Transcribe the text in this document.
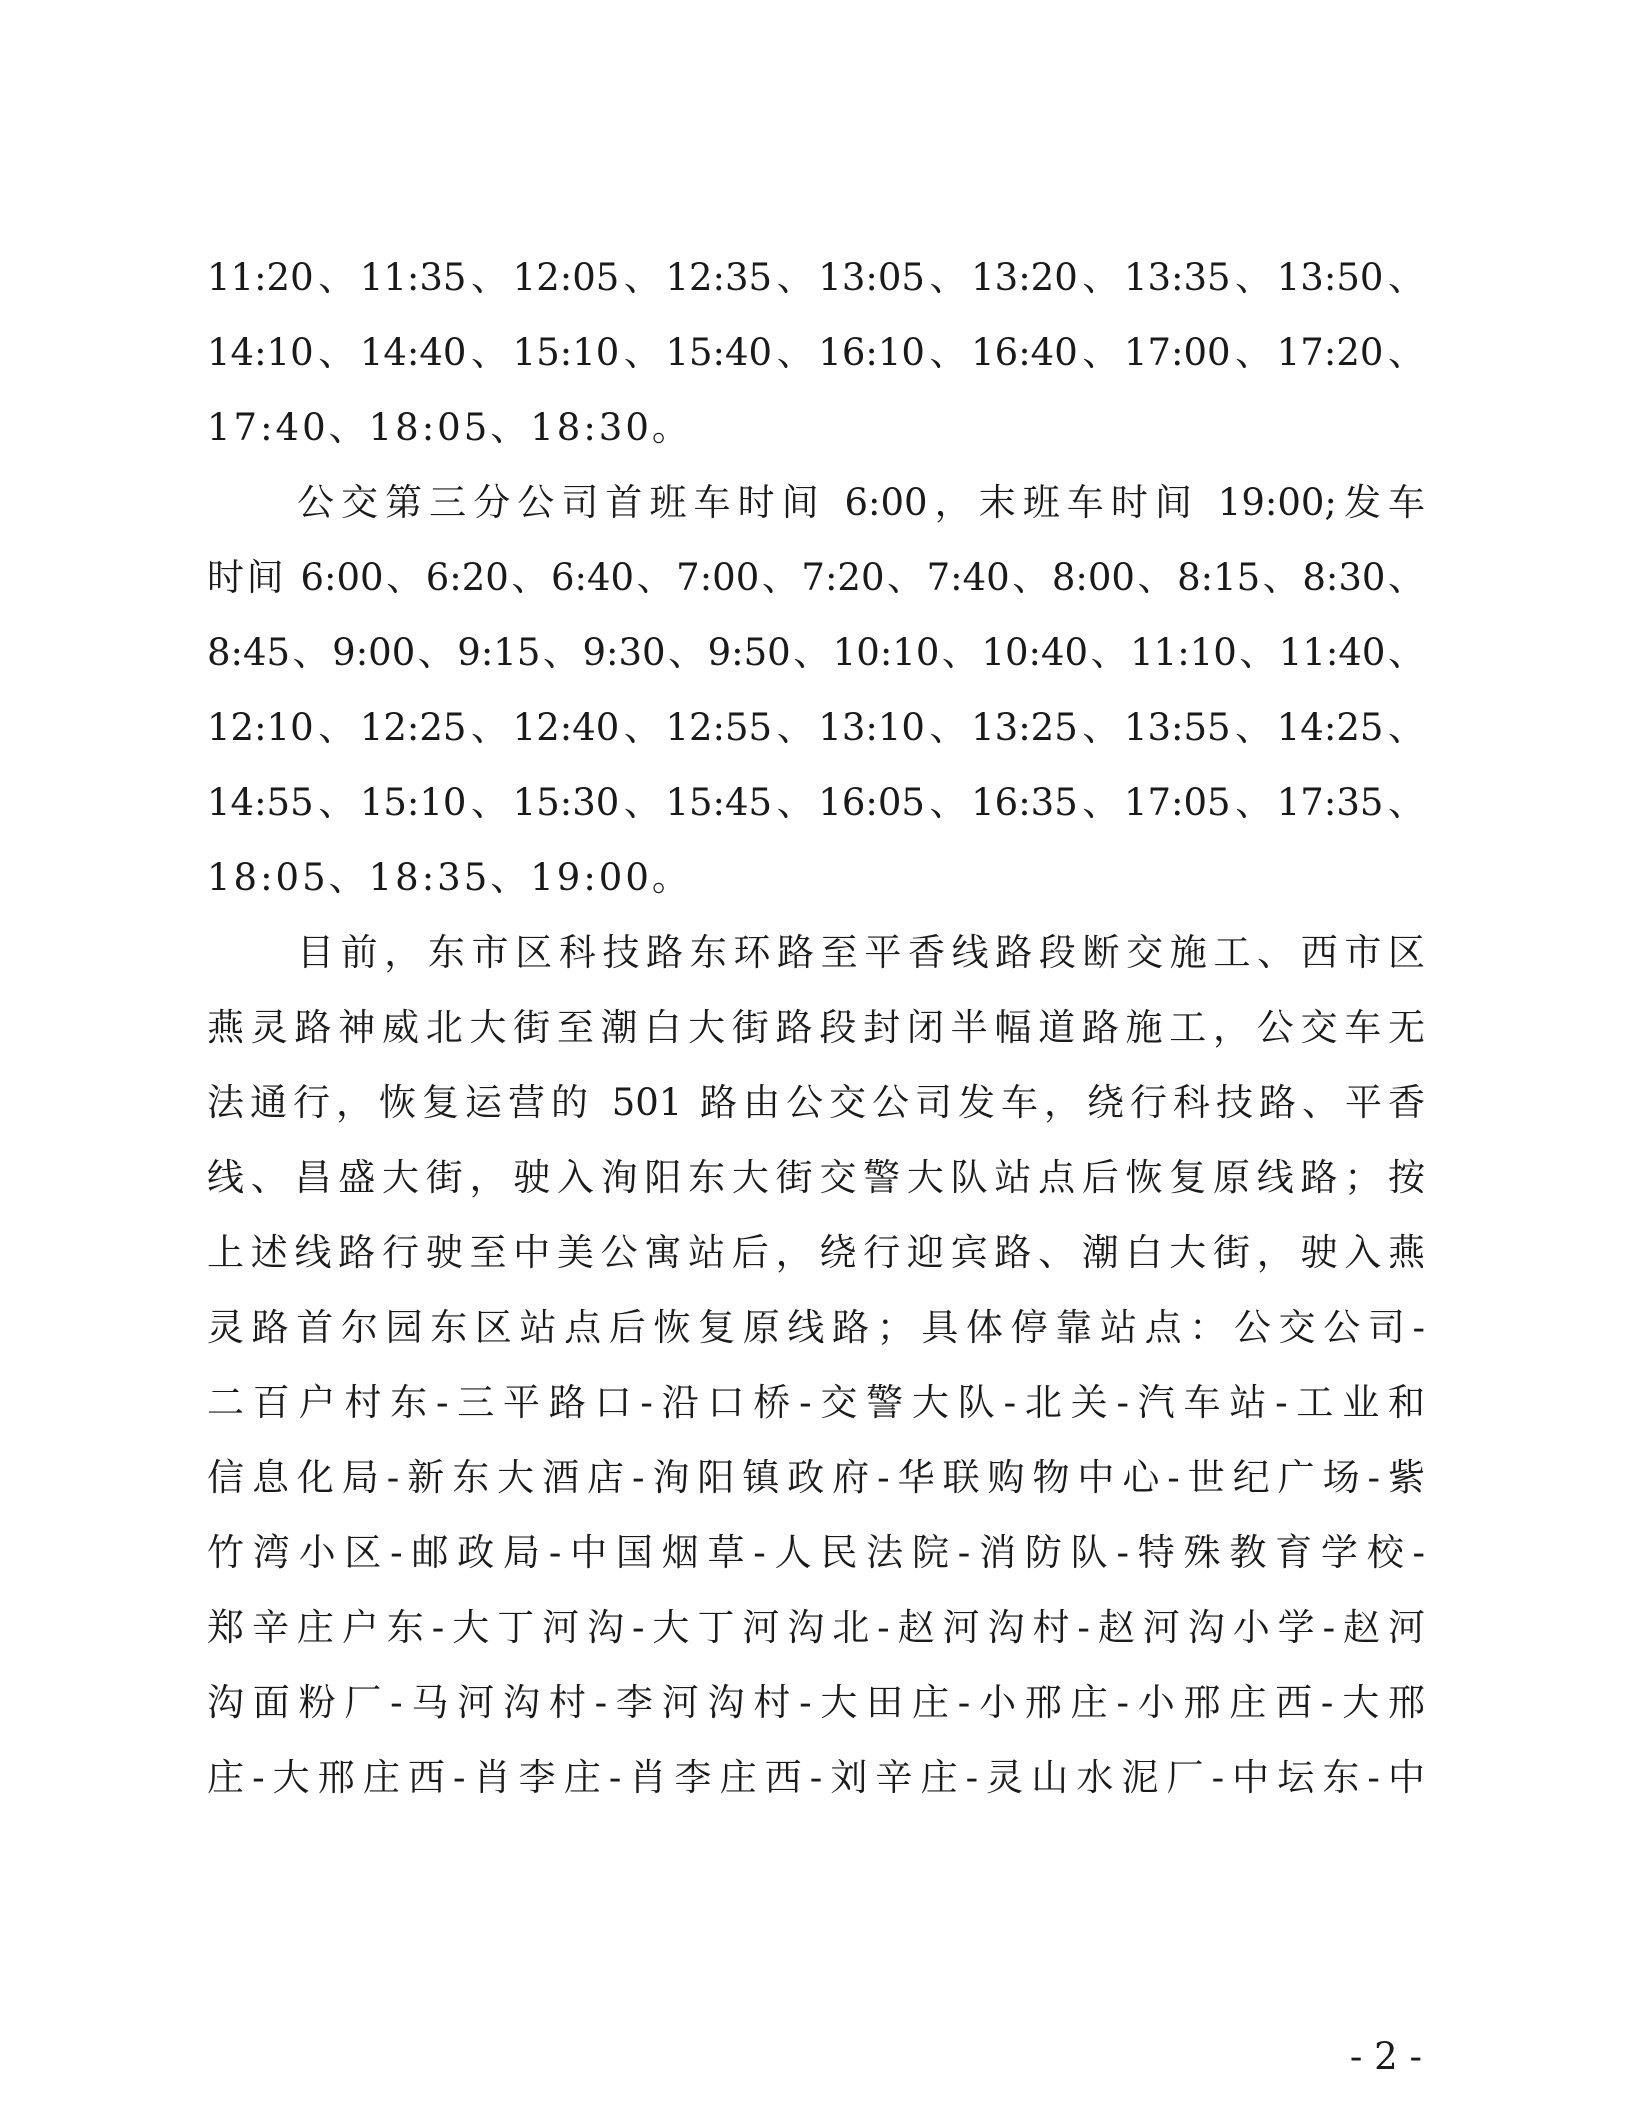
11:20、11:35、12:05、12:35、13:05、13:20、13:35、13:50、
14:10、14:40、15:10、15:40、16:10、16:40、17:00、17:20、
17:40、18:05、18:30。
公交第三分公司首班车时间 6:00，末班车时间 19:00;发车
时间 6:00、6:20、6:40、7:00、7:20、7:40、8:00、8:15、8:30、
8:45、9:00、9:15、9:30、9:50、10:10、10:40、11:10、11:40、
12:10、12:25、12:40、12:55、13:10、13:25、13:55、14:25、
14:55、15:10、15:30、15:45、16:05、16:35、17:05、17:35、
18:05、18:35、19:00。
目前，东市区科技路东环路至平香线路段断交施工、西市区
燕灵路神威北大街至潮白大街路段封闭半幅道路施工，公交车无
法通行，恢复运营的 501 路由公交公司发车，绕行科技路、平香
线、昌盛大街，驶入洵阳东大街交警大队站点后恢复原线路；按
上述线路行驶至中美公寓站后，绕行迎宾路、潮白大街，驶入燕
灵路首尔园东区站点后恢复原线路；具体停靠站点：公交公司-
二百户村东-三平路口-沿口桥-交警大队-北关-汽车站-工业和
信息化局-新东大酒店-洵阳镇政府-华联购物中心-世纪广场-紫
竹湾小区-邮政局-中国烟草-人民法院-消防队-特殊教育学校-
郑辛庄户东-大丁河沟-大丁河沟北-赵河沟村-赵河沟小学-赵河
沟面粉厂-马河沟村-李河沟村-大田庄-小邢庄-小邢庄西-大邢
庄-大邢庄西-肖李庄-肖李庄西-刘辛庄-灵山水泥厂-中坛东-中
- 2 -
